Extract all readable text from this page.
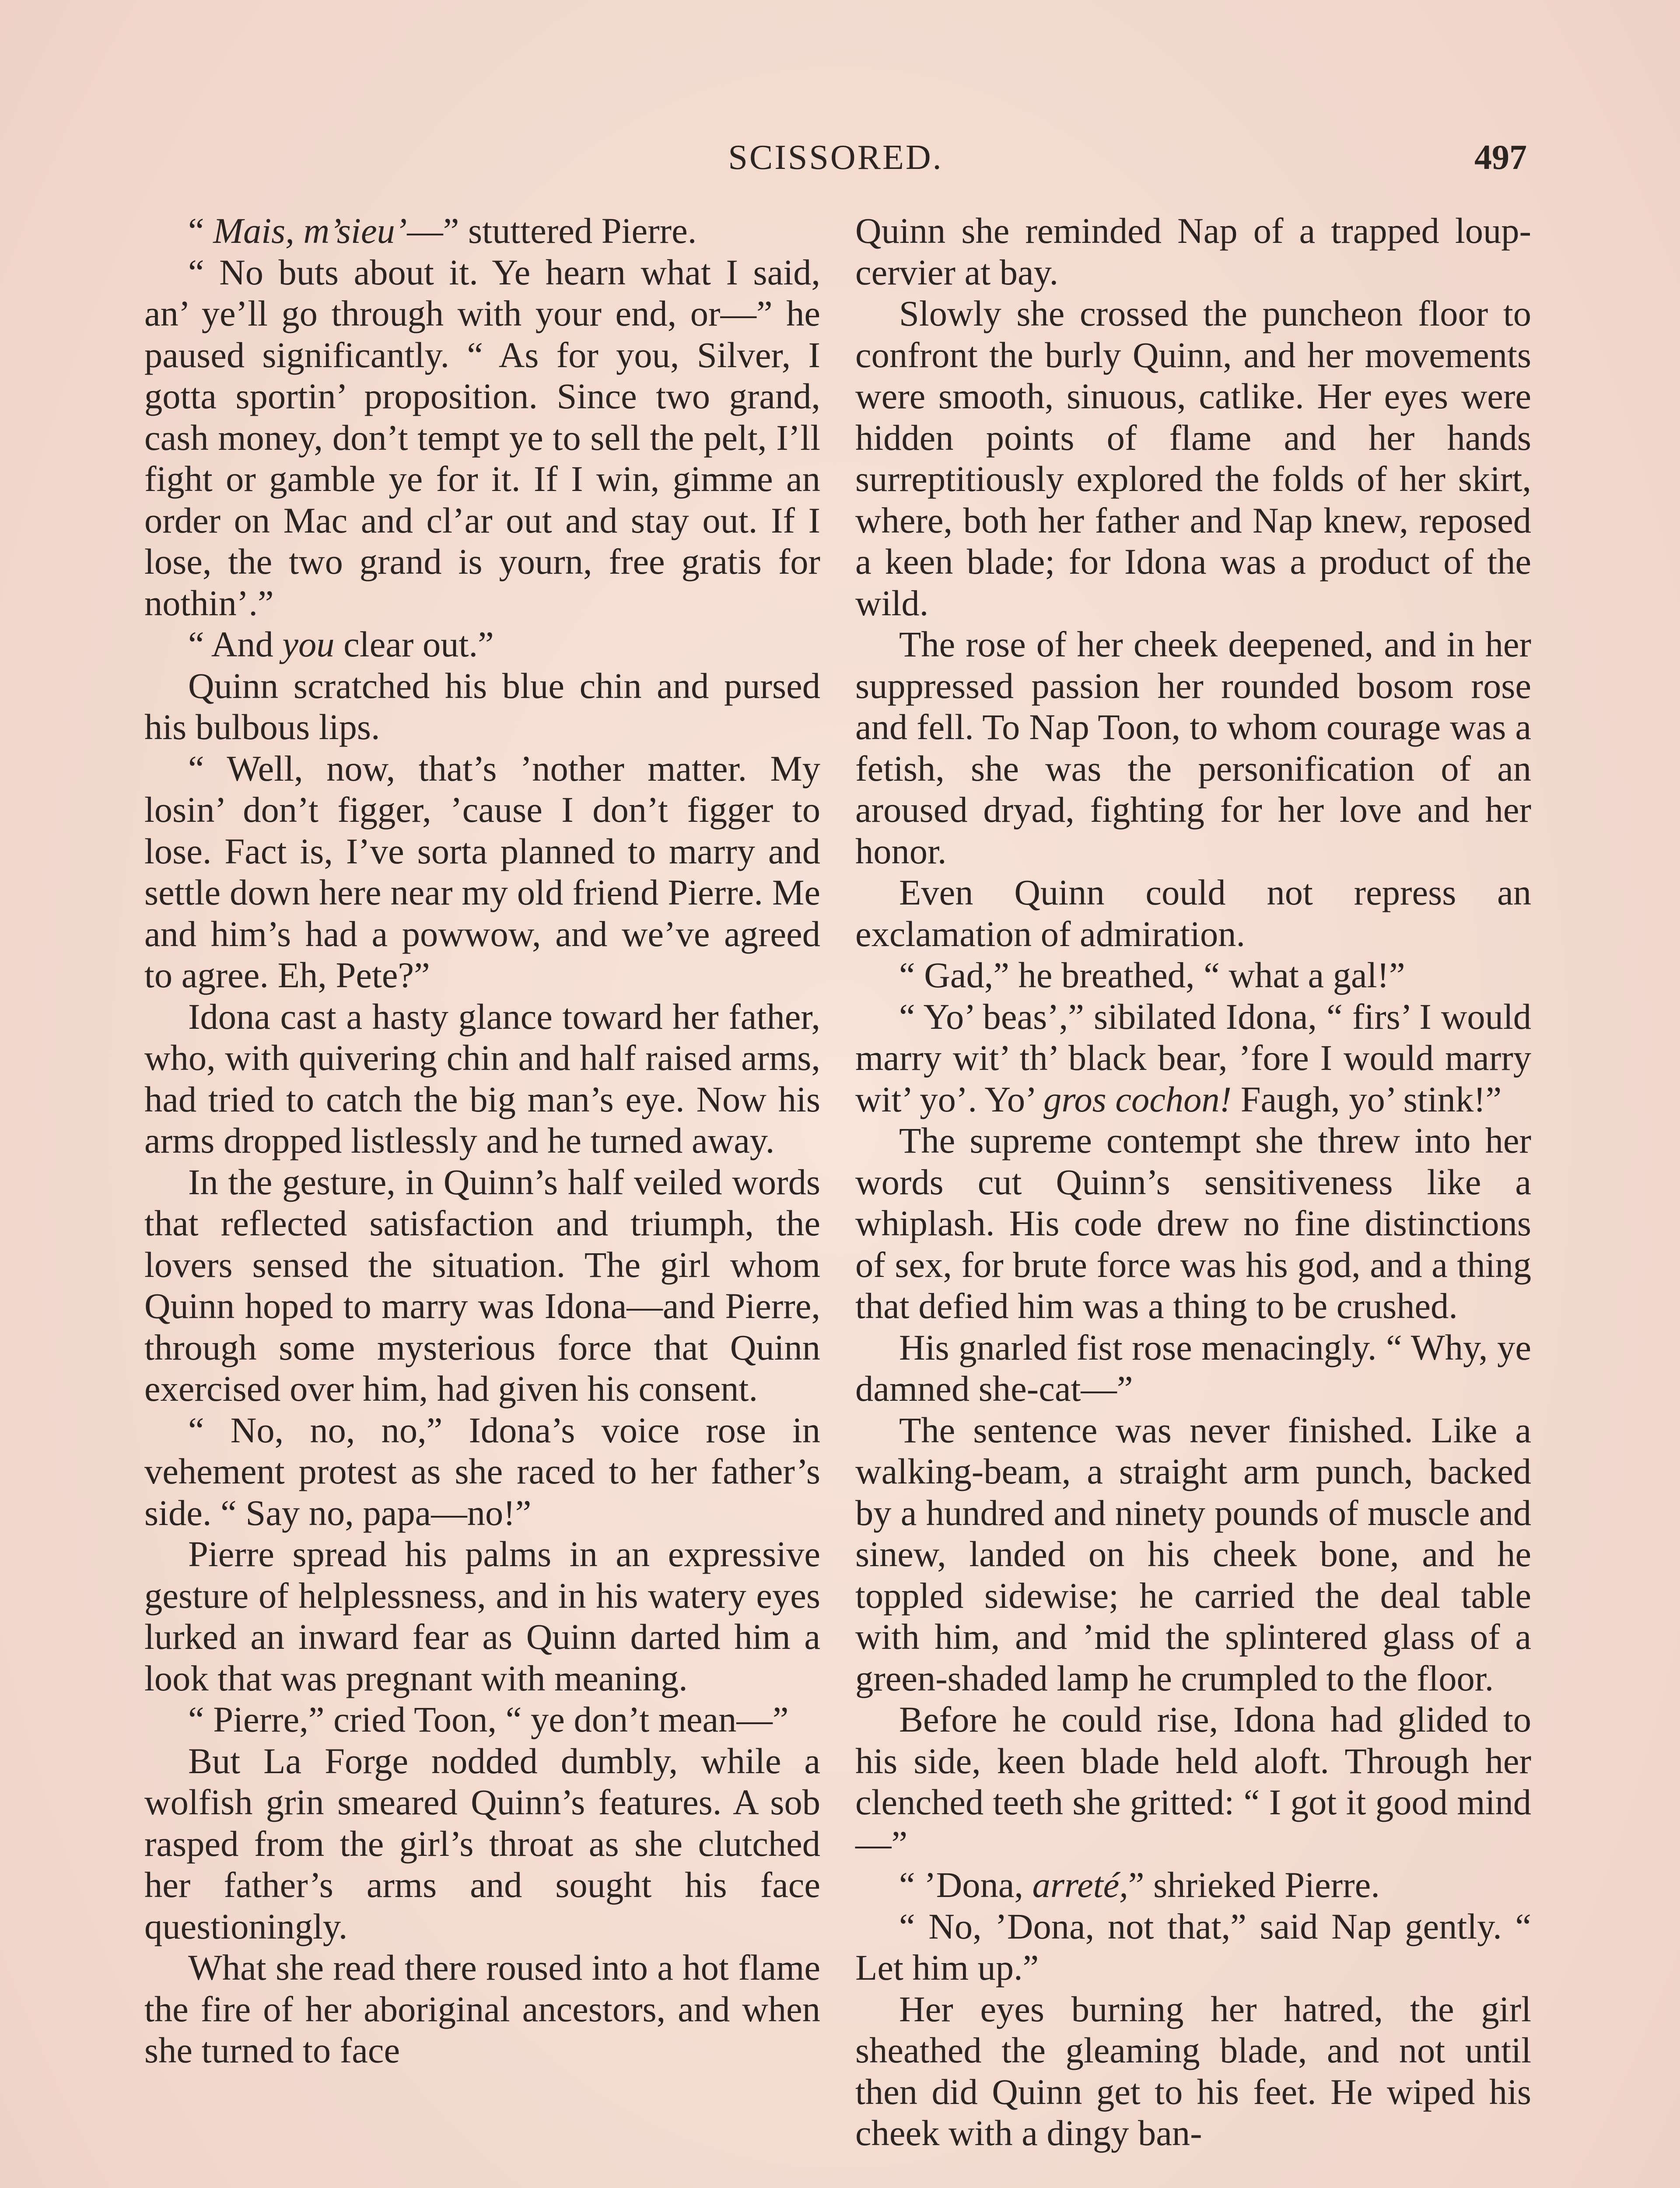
SCISSORED.	497

“ Mais, m’sieu’—” stuttered Pierre.

“ No buts about it. Ye hearn what I said, an’ ye’ll go through with your end, or—” he paused significantly. “ As for you, Silver, I gotta sportin’ proposition. Since two grand, cash money, don’t tempt ye to sell the pelt, I’ll fight or gamble ye for it. If I win, gimme an order on Mac and cl’ar out and stay out. If I lose, the two grand is yourn, free gratis for nothin’.”

“ And you clear out.”

Quinn scratched his blue chin and pursed his bulbous lips.

“ Well, now, that’s ’nother matter. My losin’ don’t figger, ’cause I don’t figger to lose. Fact is, I’ve sorta planned to marry and settle down here near my old friend Pierre. Me and him’s had a powwow, and we’ve agreed to agree. Eh, Pete?”

Idona cast a hasty glance toward her father, who, with quivering chin and half raised arms, had tried to catch the big man’s eye. Now his arms dropped listlessly and he turned away.

In the gesture, in Quinn’s half veiled words that reflected satisfaction and triumph, the lovers sensed the situation. The girl whom Quinn hoped to marry was Idona—and Pierre, through some mysterious force that Quinn exercised over him, had given his consent.

“ No, no, no,” Idona’s voice rose in vehement protest as she raced to her father’s side. “ Say no, papa—no!”

Pierre spread his palms in an expressive gesture of helplessness, and in his watery eyes lurked an inward fear as Quinn darted him a look that was pregnant with meaning.

“ Pierre,” cried Toon, “ ye don’t mean—”

But La Forge nodded dumbly, while a wolfish grin smeared Quinn’s features. A sob rasped from the girl’s throat as she clutched her father’s arms and sought his face questioningly.

What she read there roused into a hot flame the fire of her aboriginal ancestors, and when she turned to face

Quinn she reminded Nap of a trapped loup-cervier at bay.

Slowly she crossed the puncheon floor to confront the burly Quinn, and her movements were smooth, sinuous, catlike. Her eyes were hidden points of flame and her hands surreptitiously explored the folds of her skirt, where, both her father and Nap knew, reposed a keen blade; for Idona was a product of the wild.

The rose of her cheek deepened, and in her suppressed passion her rounded bosom rose and fell. To Nap Toon, to whom courage was a fetish, she was the personification of an aroused dryad, fighting for her love and her honor.

Even Quinn could not repress an exclamation of admiration.

“ Gad,” he breathed, “ what a gal!”

“ Yo’ beas’,” sibilated Idona, “ firs’ I would marry wit’ th’ black bear, ’fore I would marry wit’ yo’. Yo’ gros cochon! Faugh, yo’ stink!”

The supreme contempt she threw into her words cut Quinn’s sensitiveness like a whiplash. His code drew no fine distinctions of sex, for brute force was his god, and a thing that defied him was a thing to be crushed.

His gnarled fist rose menacingly. “ Why, ye damned she-cat—”

The sentence was never finished. Like a walking-beam, a straight arm punch, backed by a hundred and ninety pounds of muscle and sinew, landed on his cheek bone, and he toppled sidewise; he carried the deal table with him, and ’mid the splintered glass of a green-shaded lamp he crumpled to the floor.

Before he could rise, Idona had glided to his side, keen blade held aloft. Through her clenched teeth she gritted: “ I got it good mind—”

“ ’Dona, arreté,” shrieked Pierre.

“ No, ’Dona, not that,” said Nap gently. “ Let him up.”

Her eyes burning her hatred, the girl sheathed the gleaming blade, and not until then did Quinn get to his feet. He wiped his cheek with a dingy ban-
